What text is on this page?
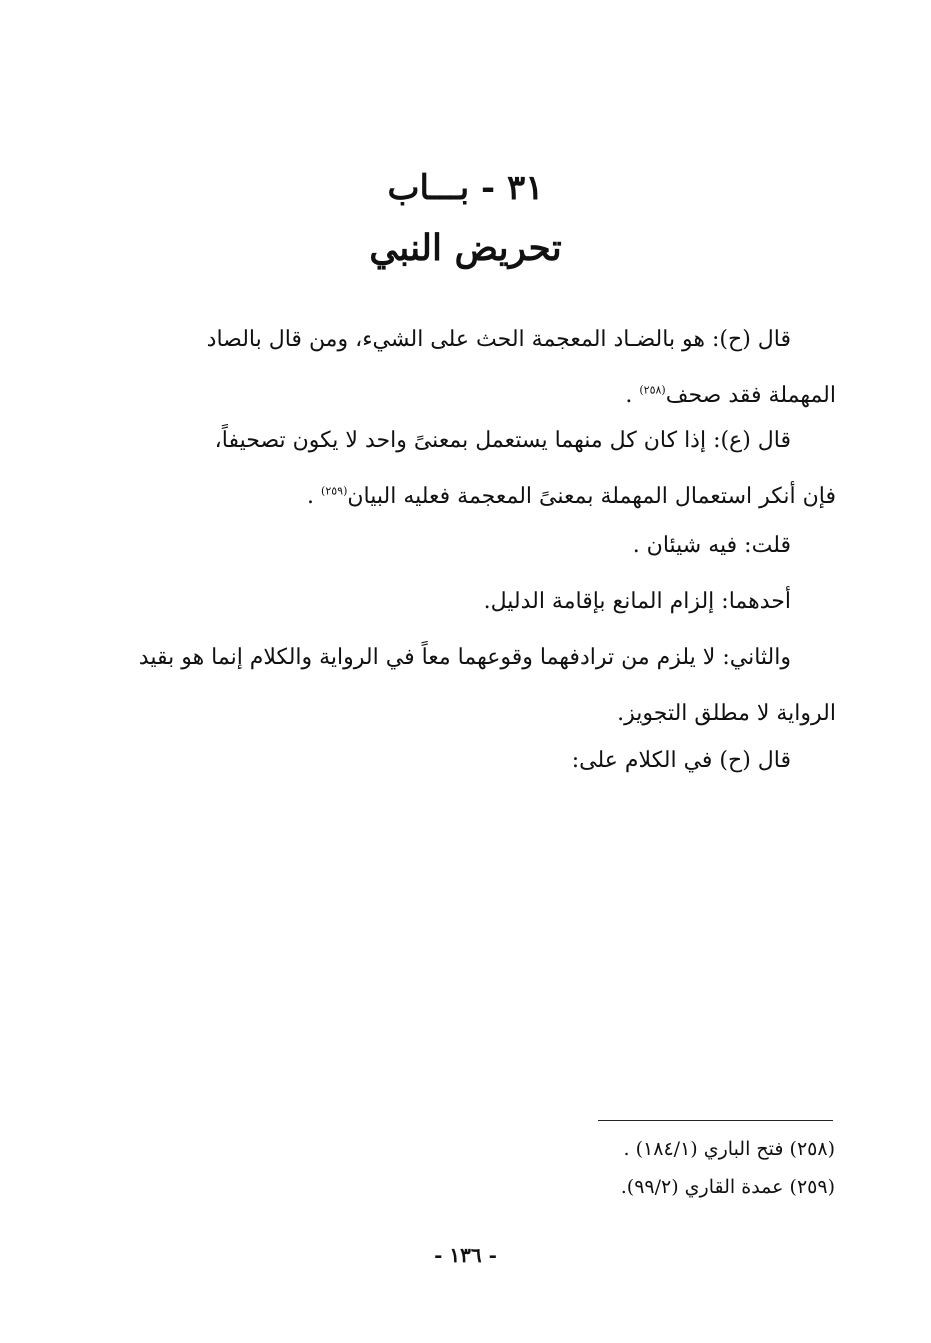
٣١ - بـــاب
تحريض النبي
قال (ح): هو بالضـاد المعجمة الحث على الشيء، ومن قال بالصاد
المهملة فقد صحف$^{(٢٥٨)}$ .
قال (ع): إذا كان كل منهما يستعمل بمعنىً واحد لا يكون تصحيفاً،
فإن أنكر استعمال المهملة بمعنىً المعجمة فعليه البيان$^{(٢٥٩)}$ .
قلت: فيه شيئان .
أحدهما: إلزام المانع بإقامة الدليل.
والثاني: لا يلزم من ترادفهما وقوعهما معاً في الرواية والكلام إنما هو بقيد
الرواية لا مطلق التجويز.
قال (ح) في الكلام على:
(٢٥٨) فتح الباري (١٨٤/١) .
(٢٥٩) عمدة القاري (٩٩/٢).
- ١٣٦ -
